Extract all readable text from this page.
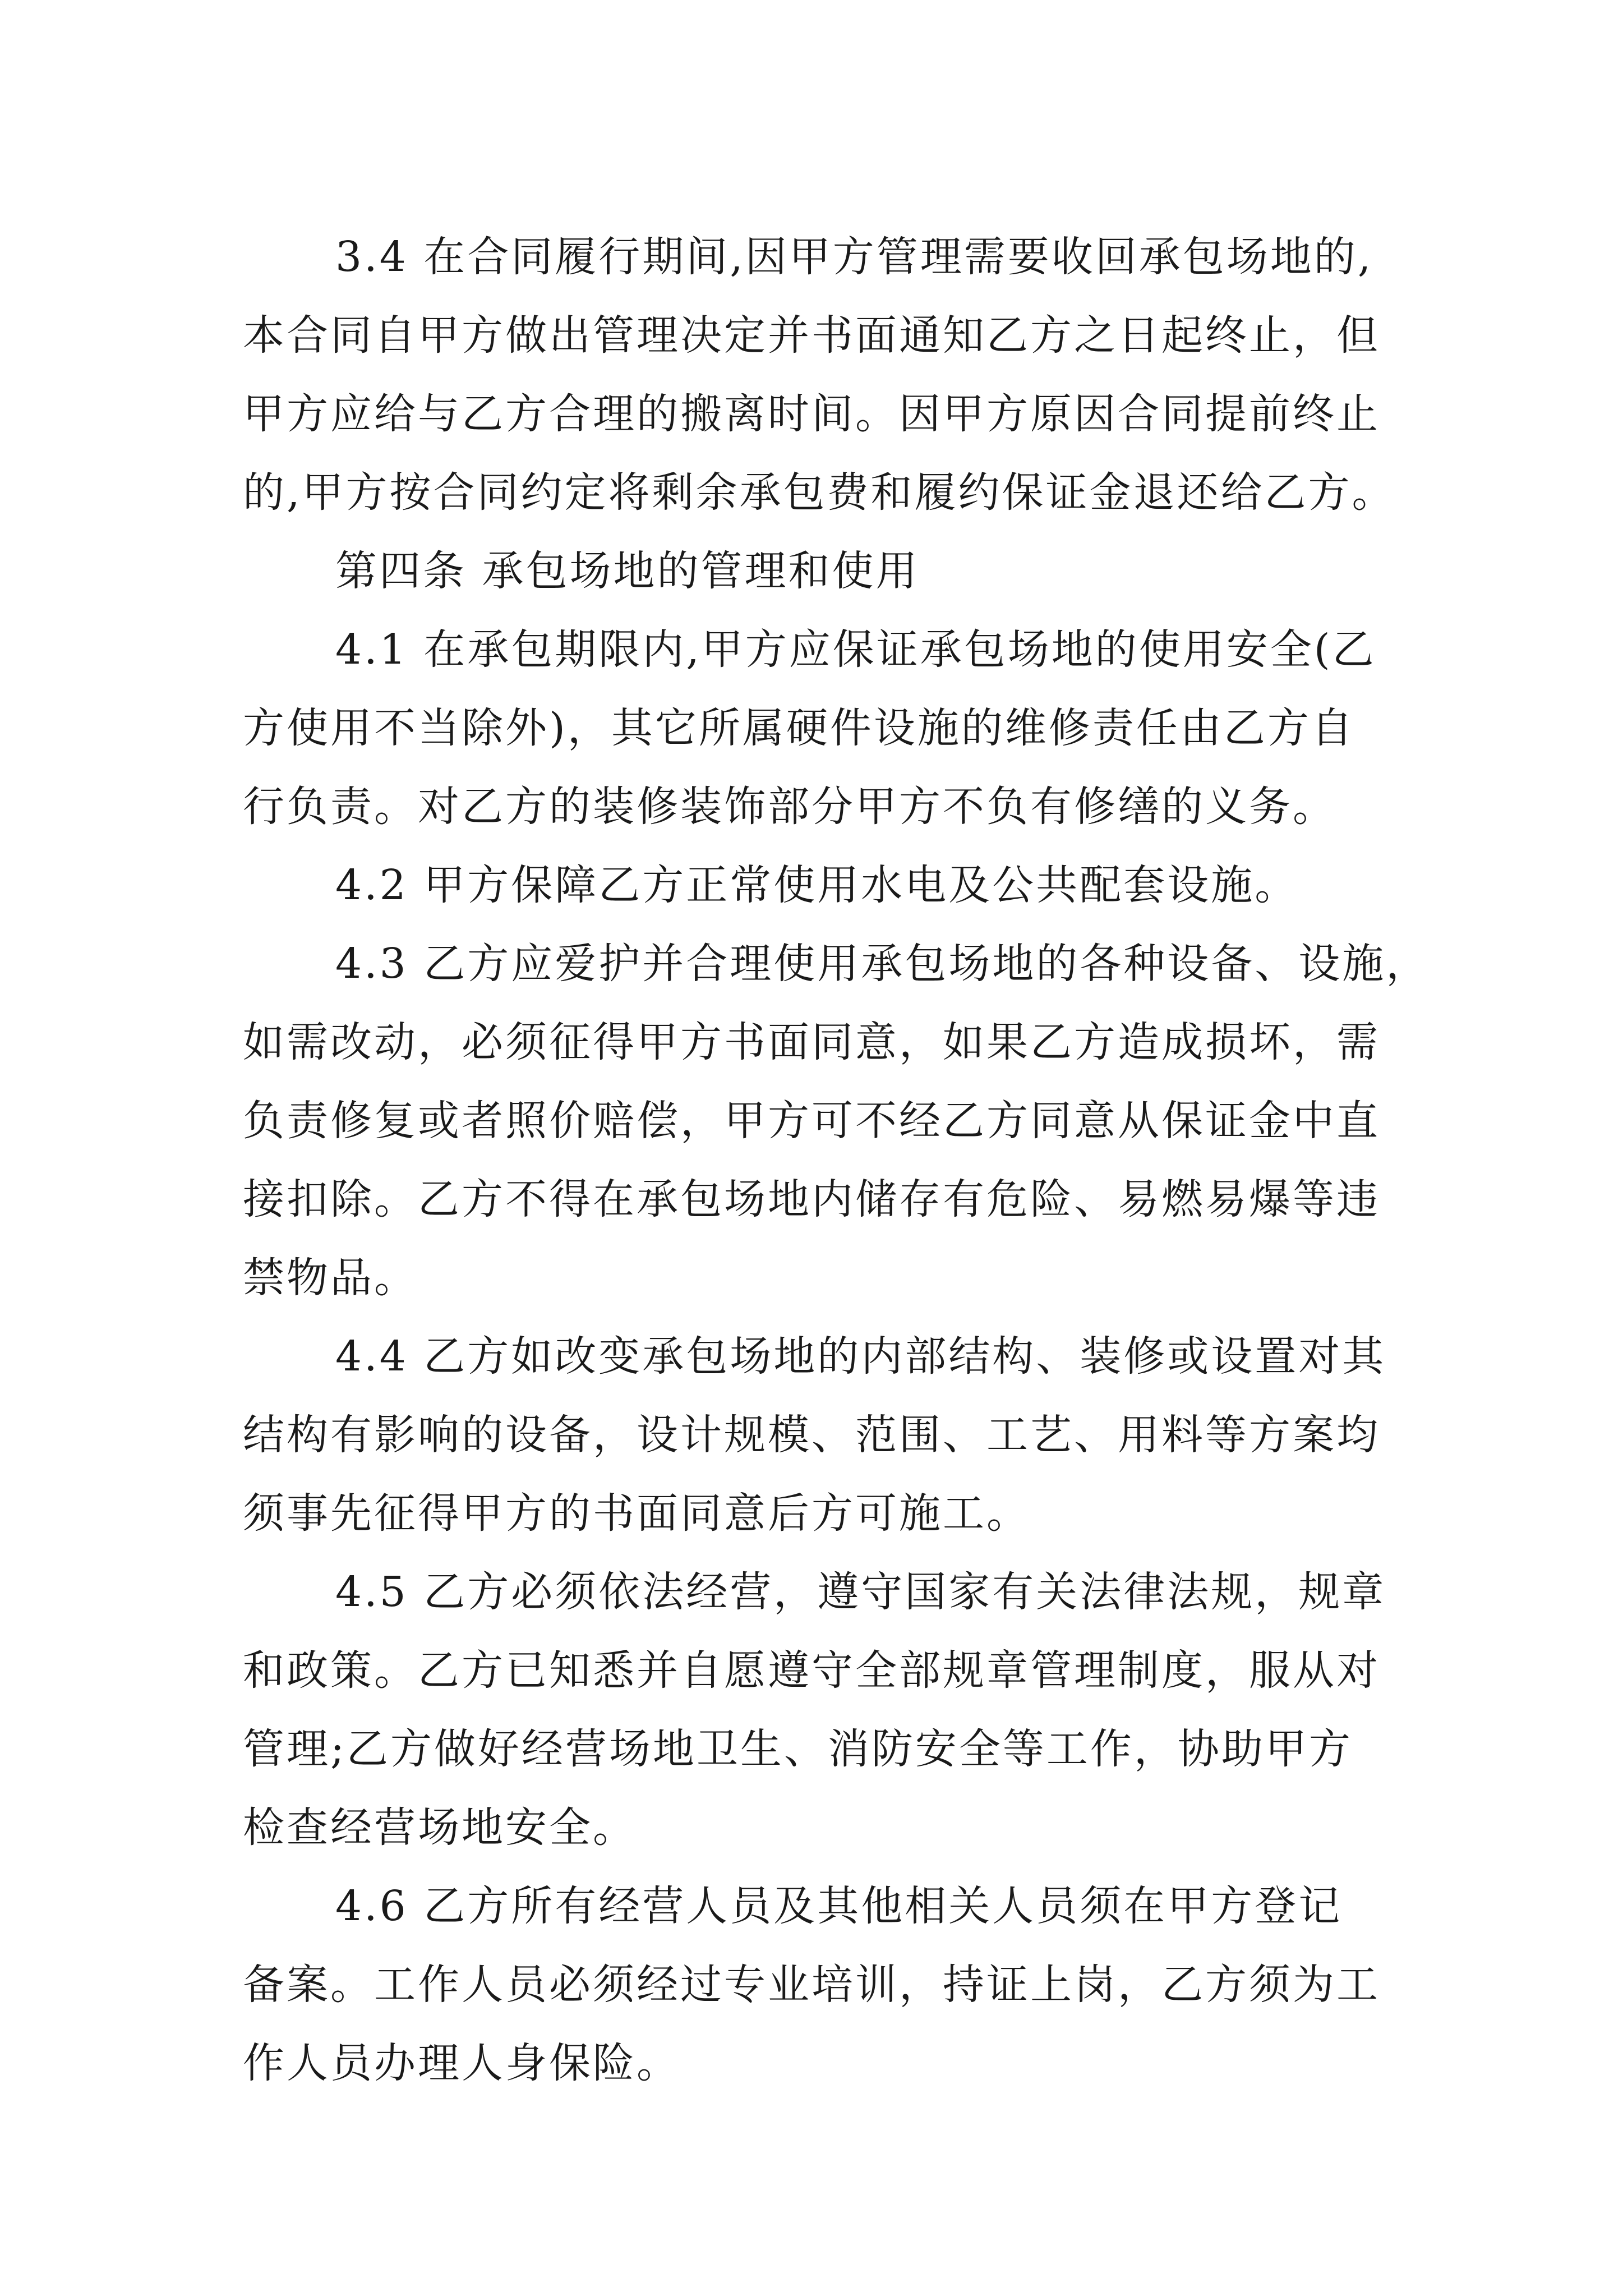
3.4 在合同履行期间,因甲方管理需要收回承包场地的,
本合同自甲方做出管理决定并书面通知乙方之日起终止，但
甲方应给与乙方合理的搬离时间。因甲方原因合同提前终止
的,甲方按合同约定将剩余承包费和履约保证金退还给乙方。

第四条 承包场地的管理和使用

4.1 在承包期限内,甲方应保证承包场地的使用安全(乙
方使用不当除外)，其它所属硬件设施的维修责任由乙方自
行负责。对乙方的装修装饰部分甲方不负有修缮的义务。

4.2 甲方保障乙方正常使用水电及公共配套设施。

4.3 乙方应爱护并合理使用承包场地的各种设备、设施，
如需改动，必须征得甲方书面同意，如果乙方造成损坏，需
负责修复或者照价赔偿，甲方可不经乙方同意从保证金中直
接扣除。乙方不得在承包场地内储存有危险、易燃易爆等违
禁物品。

4.4 乙方如改变承包场地的内部结构、装修或设置对其
结构有影响的设备，设计规模、范围、工艺、用料等方案均
须事先征得甲方的书面同意后方可施工。

4.5 乙方必须依法经营，遵守国家有关法律法规，规章
和政策。乙方已知悉并自愿遵守全部规章管理制度，服从对
管理;乙方做好经营场地卫生、消防安全等工作，协助甲方
检查经营场地安全。

4.6 乙方所有经营人员及其他相关人员须在甲方登记
备案。工作人员必须经过专业培训，持证上岗，乙方须为工
作人员办理人身保险。
